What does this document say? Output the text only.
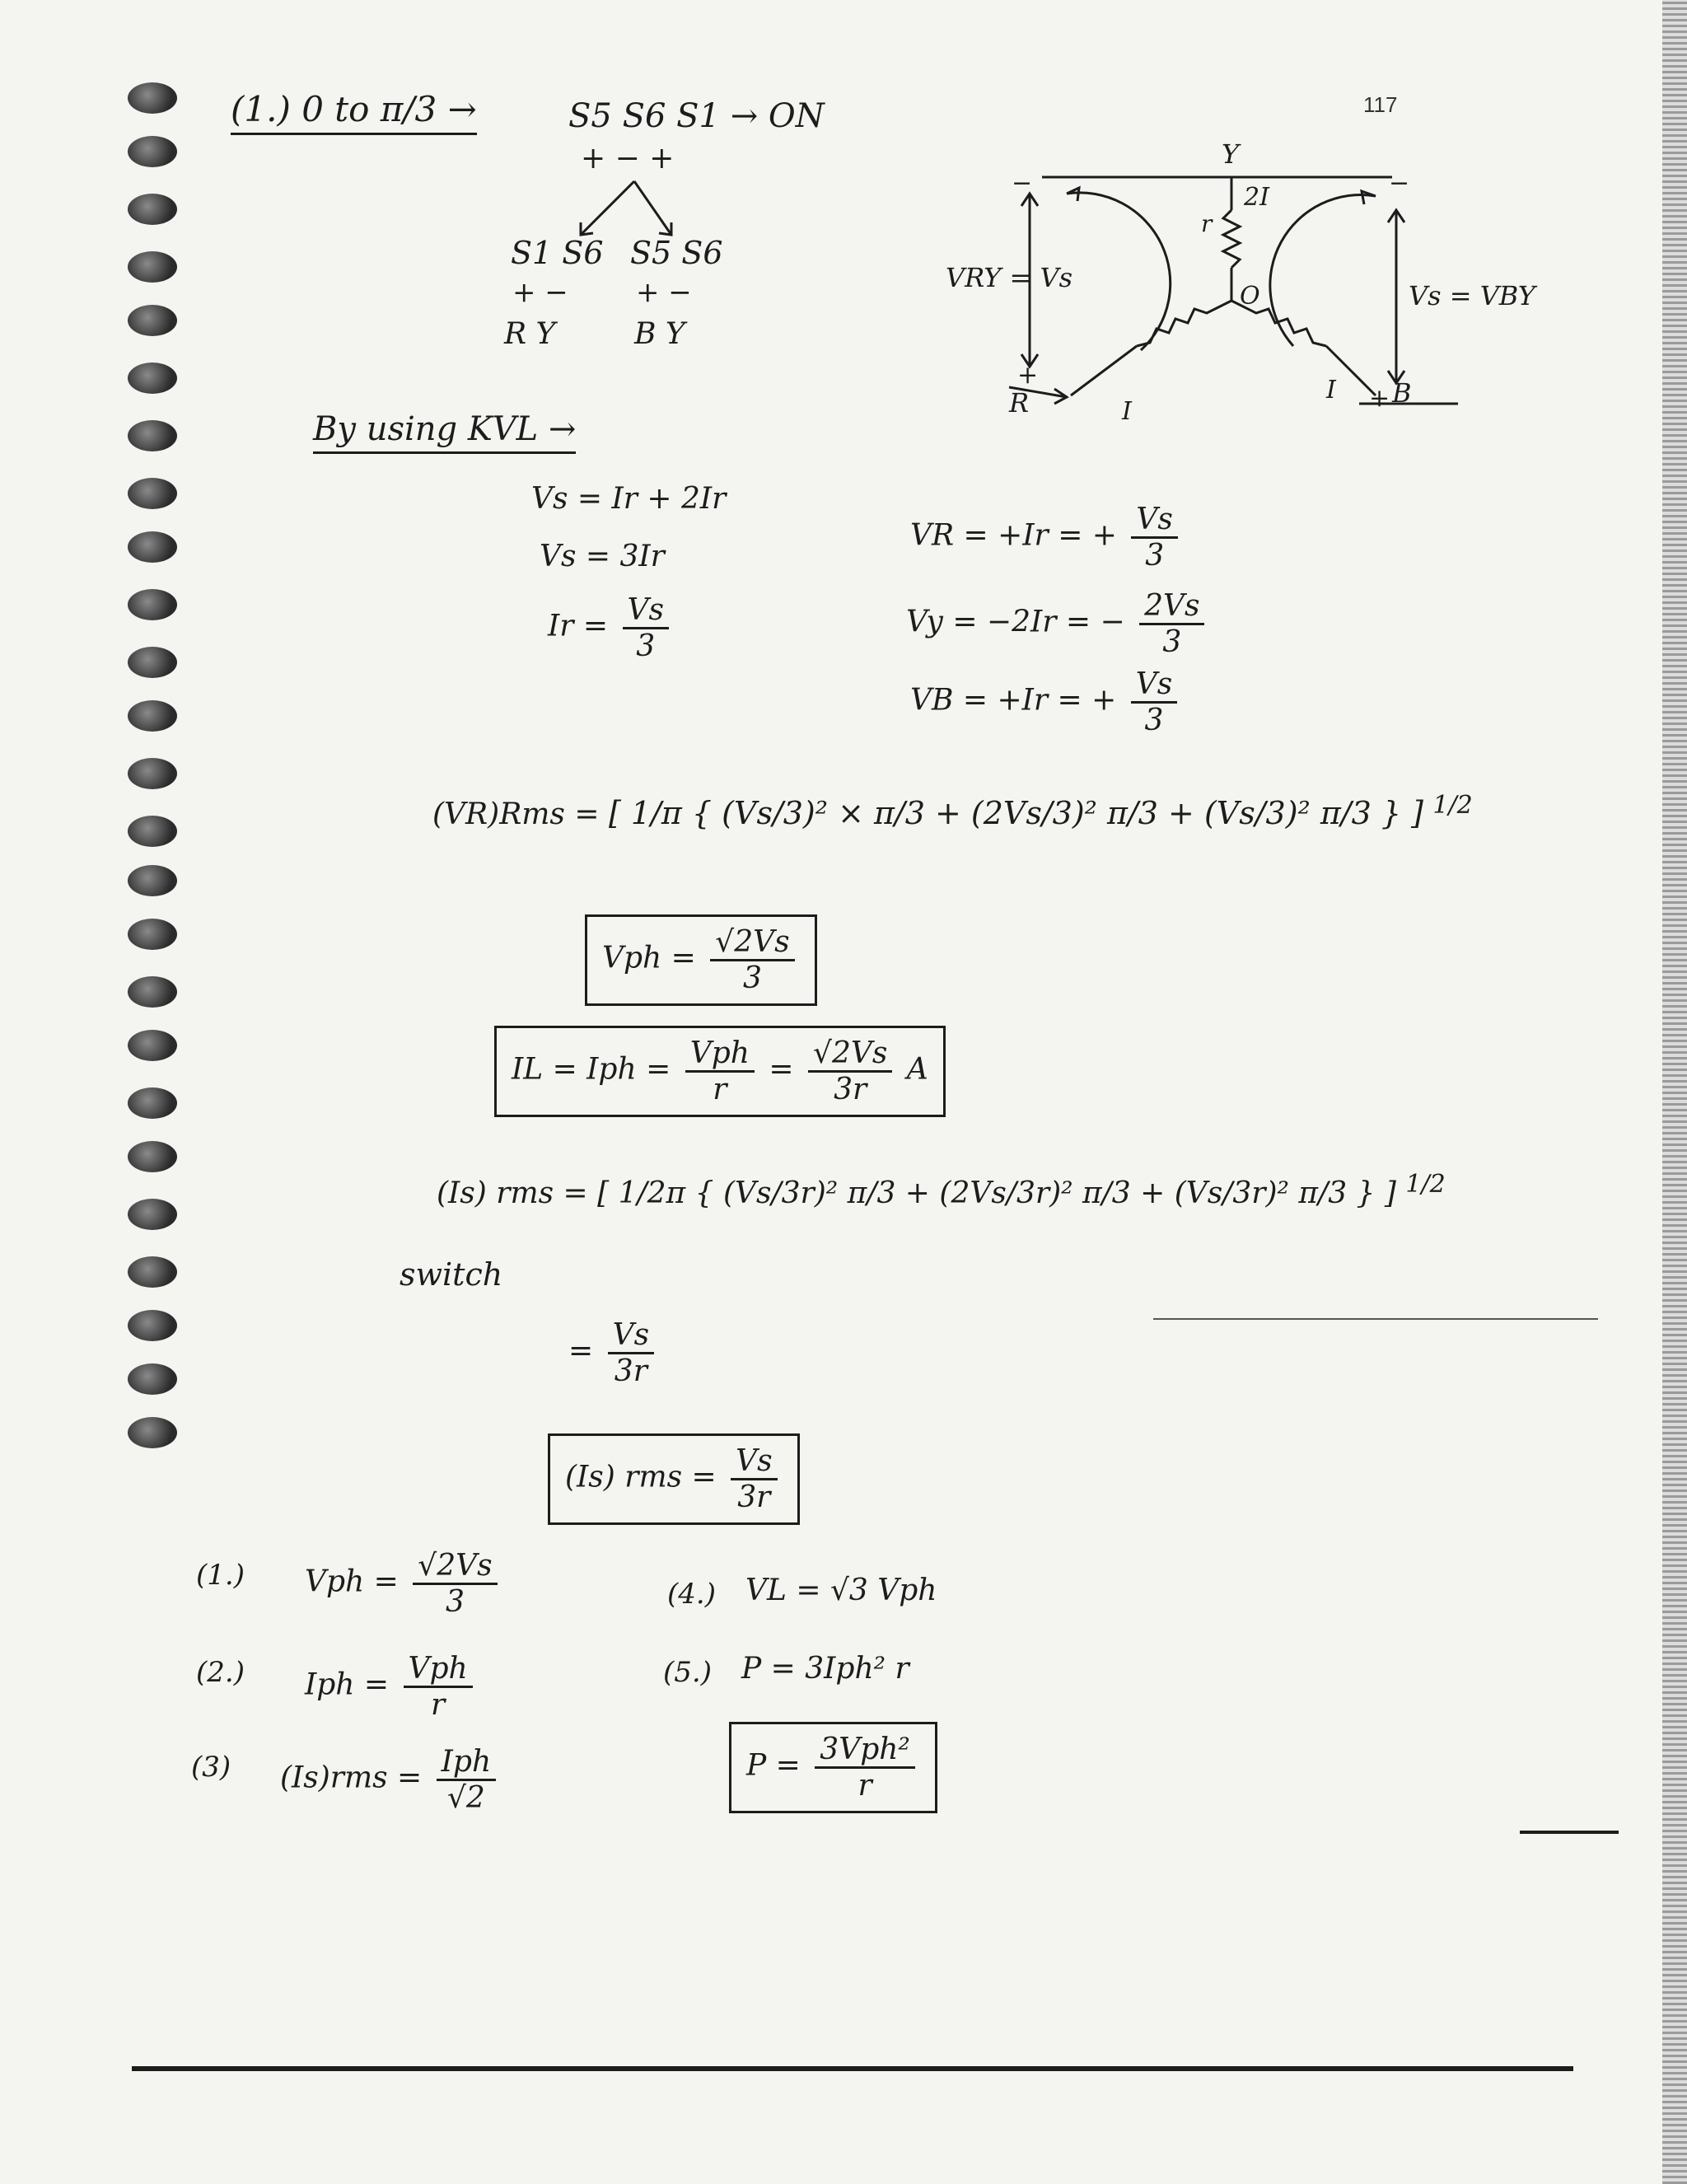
117
(1.) 0 to π/3 →	S5 S6 S1 → ON
+ − +
S1 S6
+ −
R Y
S5 S6
+ −
B Y
Y
2I
r
O
VRY = Vs
Vs = VBY
−	−
+
R	I
I + B
By using KVL →
Vs = Ir + 2Ir
Vs = 3Ir
$Ir = \frac{Vs}{3}$
VR = +Ir = + $\frac{Vs}{3}$
Vy = −2Ir = − $\frac{2Vs}{3}$
VB = +Ir = + $\frac{Vs}{3}$
(VR)Rms = [ 1/π { (Vs/3)² × π/3 + (2Vs/3)² π/3 + (Vs/3)² π/3 } ] $^{1/2}$
Vph = $\frac{√2Vs}{3}$
IL = Iph = $\frac{\text{Vph}}{r} = \frac{√2Vs}{3r}$ A
(Is) rms = [ 1/2π { (Vs/3r)² π/3 + (2Vs/3r)² π/3 + (Vs/3r)² π/3 } ] $^{1/2}$
switch
= $\frac{Vs}{3r}$
(Is) rms = $\frac{Vs}{3r}$
(1.) Vph = $\frac{√2Vs}{3}$
(2.) Iph = $\frac{\text{Vph}}{r}$
(3) $(Is)rms = \frac{\text{Iph}}{√2}$
(4.) VL = √3 Vph
(5.) P = 3Iph² r
$P = \frac{\text{3Vph²}}{r}$
